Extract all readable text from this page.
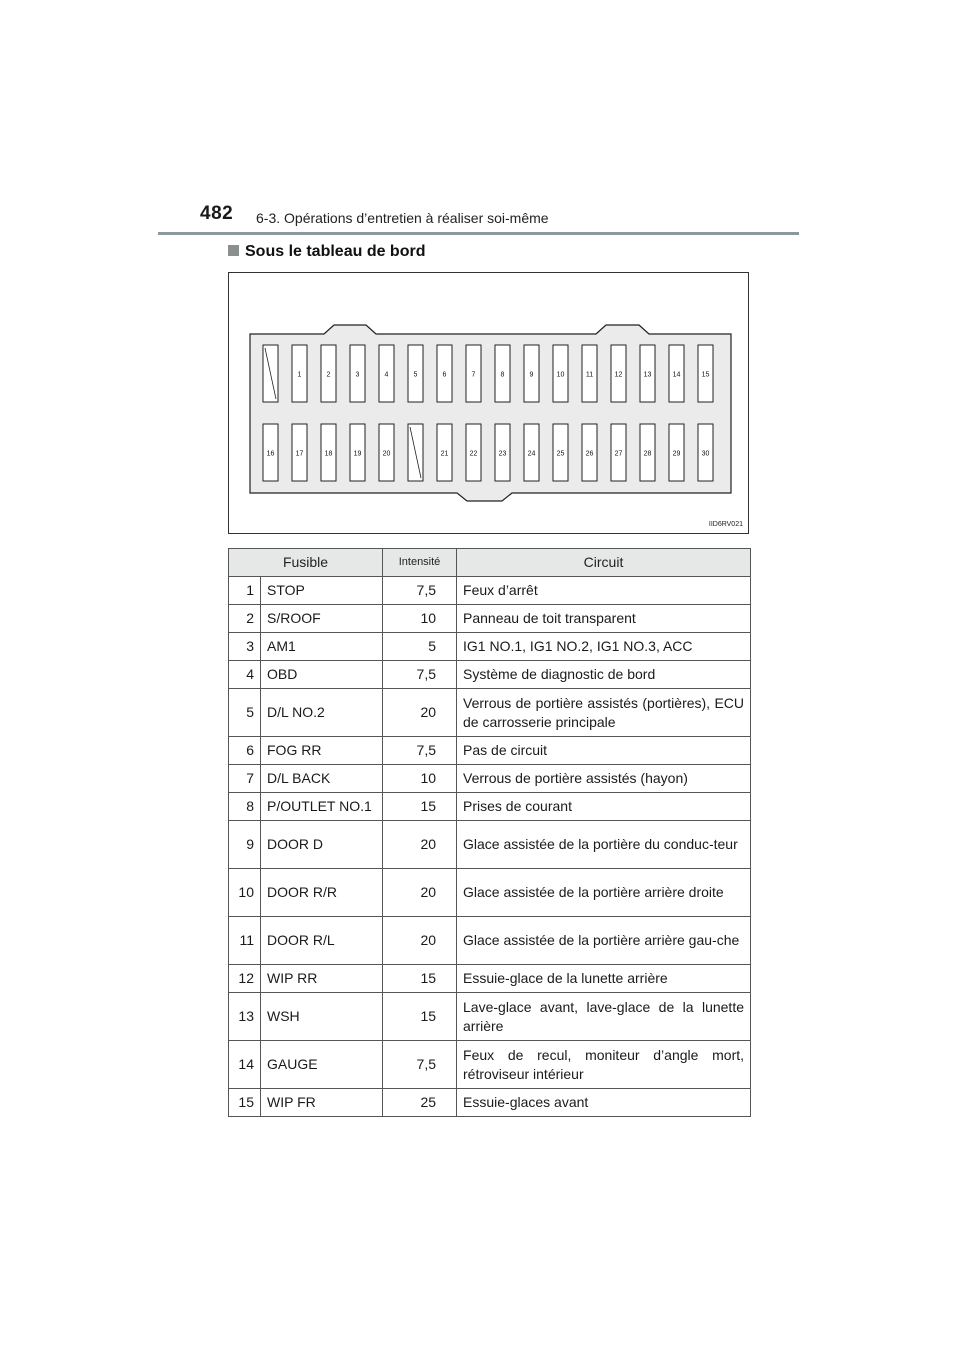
482 6-3. Opérations d’entretien à réaliser soi-même
Sous le tableau de bord
1	2	3	4	5	6	7	8	9	10	11	12	13	14	15
16	17	18	19	20	21	22	23	24	25	26	27	28	29	30
IID6RV021
Fusible		Intensité	Circuit
1	STOP	7,5	Feux d’arrêt
2	S/ROOF	10	Panneau de toit transparent
3	AM1	5	IG1 NO.1, IG1 NO.2, IG1 NO.3, ACC
4	OBD	7,5	Système de diagnostic de bord
5	D/L NO.2	20	Verrous de portière assistés (portières), ECU de carrosserie principale
6	FOG RR	7,5	Pas de circuit
7	D/L BACK	10	Verrous de portière assistés (hayon)
8	P/OUTLET NO.1	15	Prises de courant
9	DOOR D	20	Glace assistée de la portière du conduc-teur
10	DOOR R/R	20	Glace assistée de la portière arrière droite
11	DOOR R/L	20	Glace assistée de la portière arrière gau-che
12	WIP RR	15	Essuie-glace de la lunette arrière
13	WSH	15	Lave-glace avant, lave-glace de la lunette arrière
14	GAUGE	7,5	Feux de recul, moniteur d’angle mort, rétroviseur intérieur
15	WIP FR	25	Essuie-glaces avant
